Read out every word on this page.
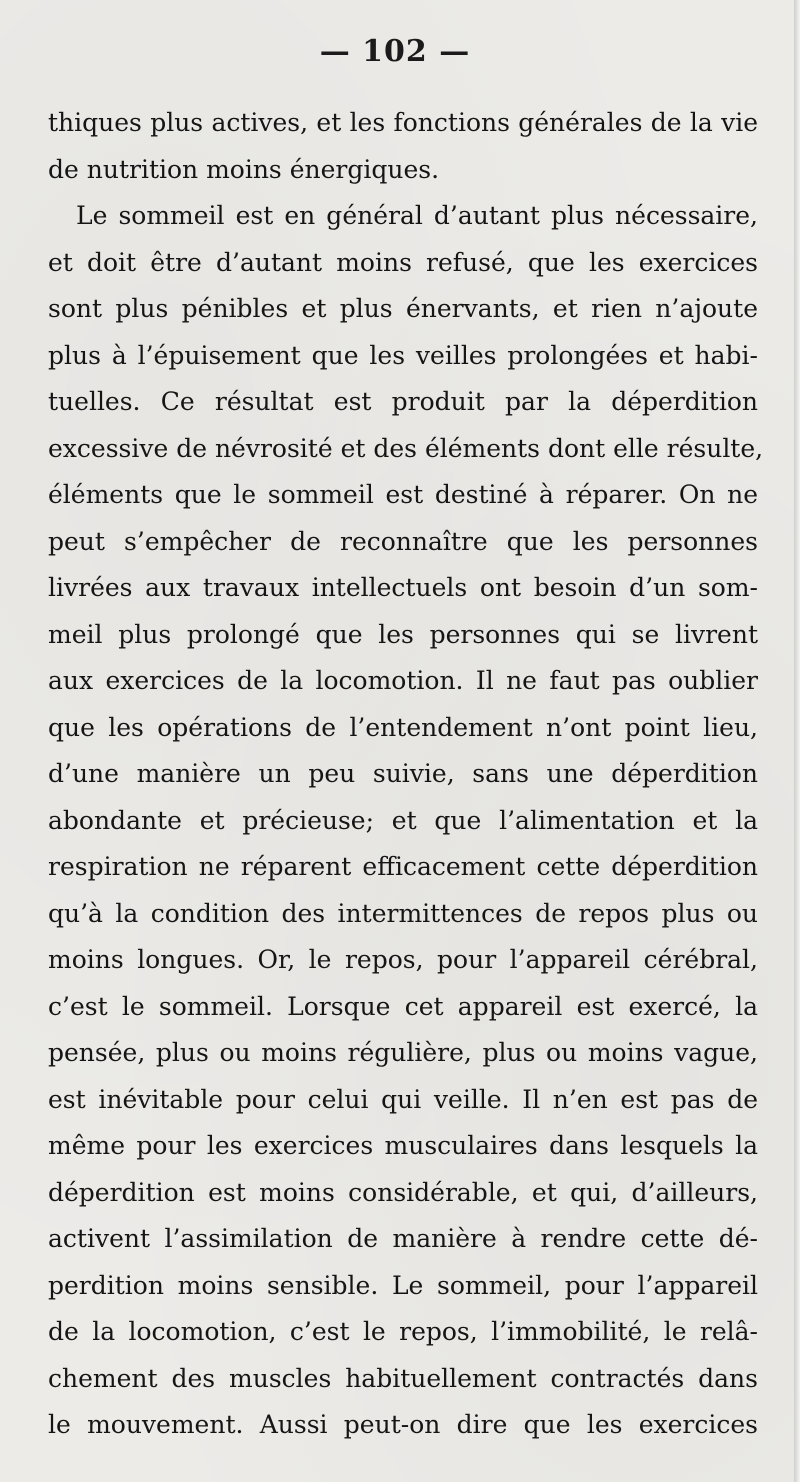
— 102 —
thiques plus actives, et les fonctions générales de la vie
de nutrition moins énergiques.
Le sommeil est en général d’autant plus nécessaire,
et doit être d’autant moins refusé, que les exercices
sont plus pénibles et plus énervants, et rien n’ajoute
plus à l’épuisement que les veilles prolongées et habi-
tuelles. Ce résultat est produit par la déperdition
excessive de névrosité et des éléments dont elle résulte,
éléments que le sommeil est destiné à réparer. On ne
peut s’empêcher de reconnaître que les personnes
livrées aux travaux intellectuels ont besoin d’un som-
meil plus prolongé que les personnes qui se livrent
aux exercices de la locomotion. Il ne faut pas oublier
que les opérations de l’entendement n’ont point lieu,
d’une manière un peu suivie, sans une déperdition
abondante et précieuse; et que l’alimentation et la
respiration ne réparent efficacement cette déperdition
qu’à la condition des intermittences de repos plus ou
moins longues. Or, le repos, pour l’appareil cérébral,
c’est le sommeil. Lorsque cet appareil est exercé, la
pensée, plus ou moins régulière, plus ou moins vague,
est inévitable pour celui qui veille. Il n’en est pas de
même pour les exercices musculaires dans lesquels la
déperdition est moins considérable, et qui, d’ailleurs,
activent l’assimilation de manière à rendre cette dé-
perdition moins sensible. Le sommeil, pour l’appareil
de la locomotion, c’est le repos, l’immobilité, le relâ-
chement des muscles habituellement contractés dans
le mouvement. Aussi peut-on dire que les exercices
